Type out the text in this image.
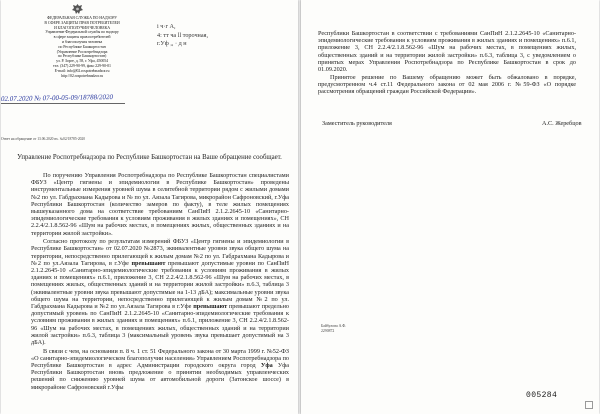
ФЕДЕРАЛЬНАЯ СЛУЖБА ПО НАДЗОРУ
В СФЕРЕ ЗАЩИТЫ ПРАВ ПОТРЕБИТЕЛЕЙ
И БЛАГОПОЛУЧИЯ ЧЕЛОВЕКА
Управление Федеральной службы по надзору
в сфере защиты прав потребителей
и благополучия человека
по Республике Башкортостан
(Управление Роспотребнадзора
по Республике Башкортостан)
ул. Р. Зорге, д. 58, г. Уфа, 450054
тел. (347) 229-90-99, факс 229-90-01
E-mail: info@02.rospotrebnadzor.ru
http://02.rospotrebnadzor.ru
і ч·г А,
4: тт чa ll торочная,
г.Уф ,, · д н
02.07.2020 № 07-00-05-09/18788/2020
Ответ на обращение от 13.06.2020 вх. №02/18785-2020
Управление Роспотребнадзора по Республике Башкортостан на Ваше обращение сообщает.

По поручению Управления Роспотребнадзора по Республике Башкортостан специалистами ФБУЗ «Центр гигиены и эпидемиологии в Республике Башкортостан» проведены инструментальные измерения уровней шума в селитебной территории рядом с жилыми домами №2 по ул. Габдрахмана Кадырова и № по ул. Аязала Тагирова, микрорайон Сафроновский, г.Уфа Республики Башкортостан (количество замеров по факту), в теле жилых помещениях вышеуказанного дома на соответствие требованиям СанПиН 2.1.2.2645-10 «Санитарно-эпидемиологические требования к условиям проживания в жилых зданиях и помещениях», СН 2.2.4/2.1.8.562-96 «Шум на рабочих местах, в помещениях жилых, общественных зданиях и на территории жилой застройки».

Согласно протоколу по результатам измерений ФБУЗ «Центр гигиены и эпидемиологии в Республике Башкортостан» от 02.07.2020 №2873, эквивалентные уровни звука общего шума на территории, непосредственно прилегающей к жилым домам №2 по ул. Габдрахмана Кадырова и №2 по ул.Аязала Тагирова, в г.Уфе превышают превышают допустимые уровни по СанПиН 2.1.2.2645-10 «Санитарно-эпидемиологические требования к условиям проживания в жилых зданиях и помещениях» п.6.1, приложение 3, СН 2.2.4/2.1.8.562-96 «Шум на рабочих местах, в помещениях жилых, общественных зданий и на территории жилой застройки» п.6.3, таблица 3 (эквивалентные уровни звука превышают допустимые на 1-13 дБА); максимальные уровни звука общего шума на территории, непосредственно прилегающей к жилым домам №2 по ул. Габдрахмана Кадырова и №2 по ул.Аязала Тагирова в г.Уфе превышают превышают предельно допустимый уровень по СанПиН 2.1.2.2645-10 «Санитарно-эпидемиологические требования к условиям проживания в жилых зданиях и помещениях» п.6.1, приложение 3, СН 2.2.4/2.1.8.562-96 «Шум на рабочих местах, в помещениях жилых, общественных зданий и на территории жилой застройки» п.6.3, таблица 3 (максимальный уровень звука превышает допустимый на 3 дБА).

В связи с чем, на основании п. 8 ч. 1 ст. 51 Федерального закона от 30 марта 1999 г. №52-ФЗ «О санитарно-эпидемиологическом благополучии населения» Управлением Роспотребнадзора по Республике Башкортостан в адрес Администрации городского округа город Уфа Уфа Республики Башкортостан вновь предложение о принятии необходимых управленческих решений по снижению уровней шума от автомобильной дороги (Затонское шоссе) в микрорайоне Сафроновский г.Уфы

Республики Башкортостан в соответствии с требованиями СанПиН 2.1.2.2645-10 «Санитарно-эпидемиологические требования к условиям проживания в жилых зданиях и помещениях» п.6.1, приложение 3, СН 2.2.4/2.1.8.562-96 «Шум на рабочих местах, в помещениях жилых, общественных зданий и на территории жилой застройки» п.6.3, таблица 3, с уведомлением о принятых мерах Управления Роспотребнадзора по Республике Башкортостан в срок до 01.09.2020.

Принятое решение по Вашему обращению может быть обжаловано в порядке, предусмотренном ч.4 ст.11 Федерального закона от 02 мая 2006 г. №59-ФЗ «О порядке рассмотрения обращений граждан Российской Федерации».

Заместитель руководителя	А.С. Жеребцов
Байбулова А.Ф.
2290872
005284
